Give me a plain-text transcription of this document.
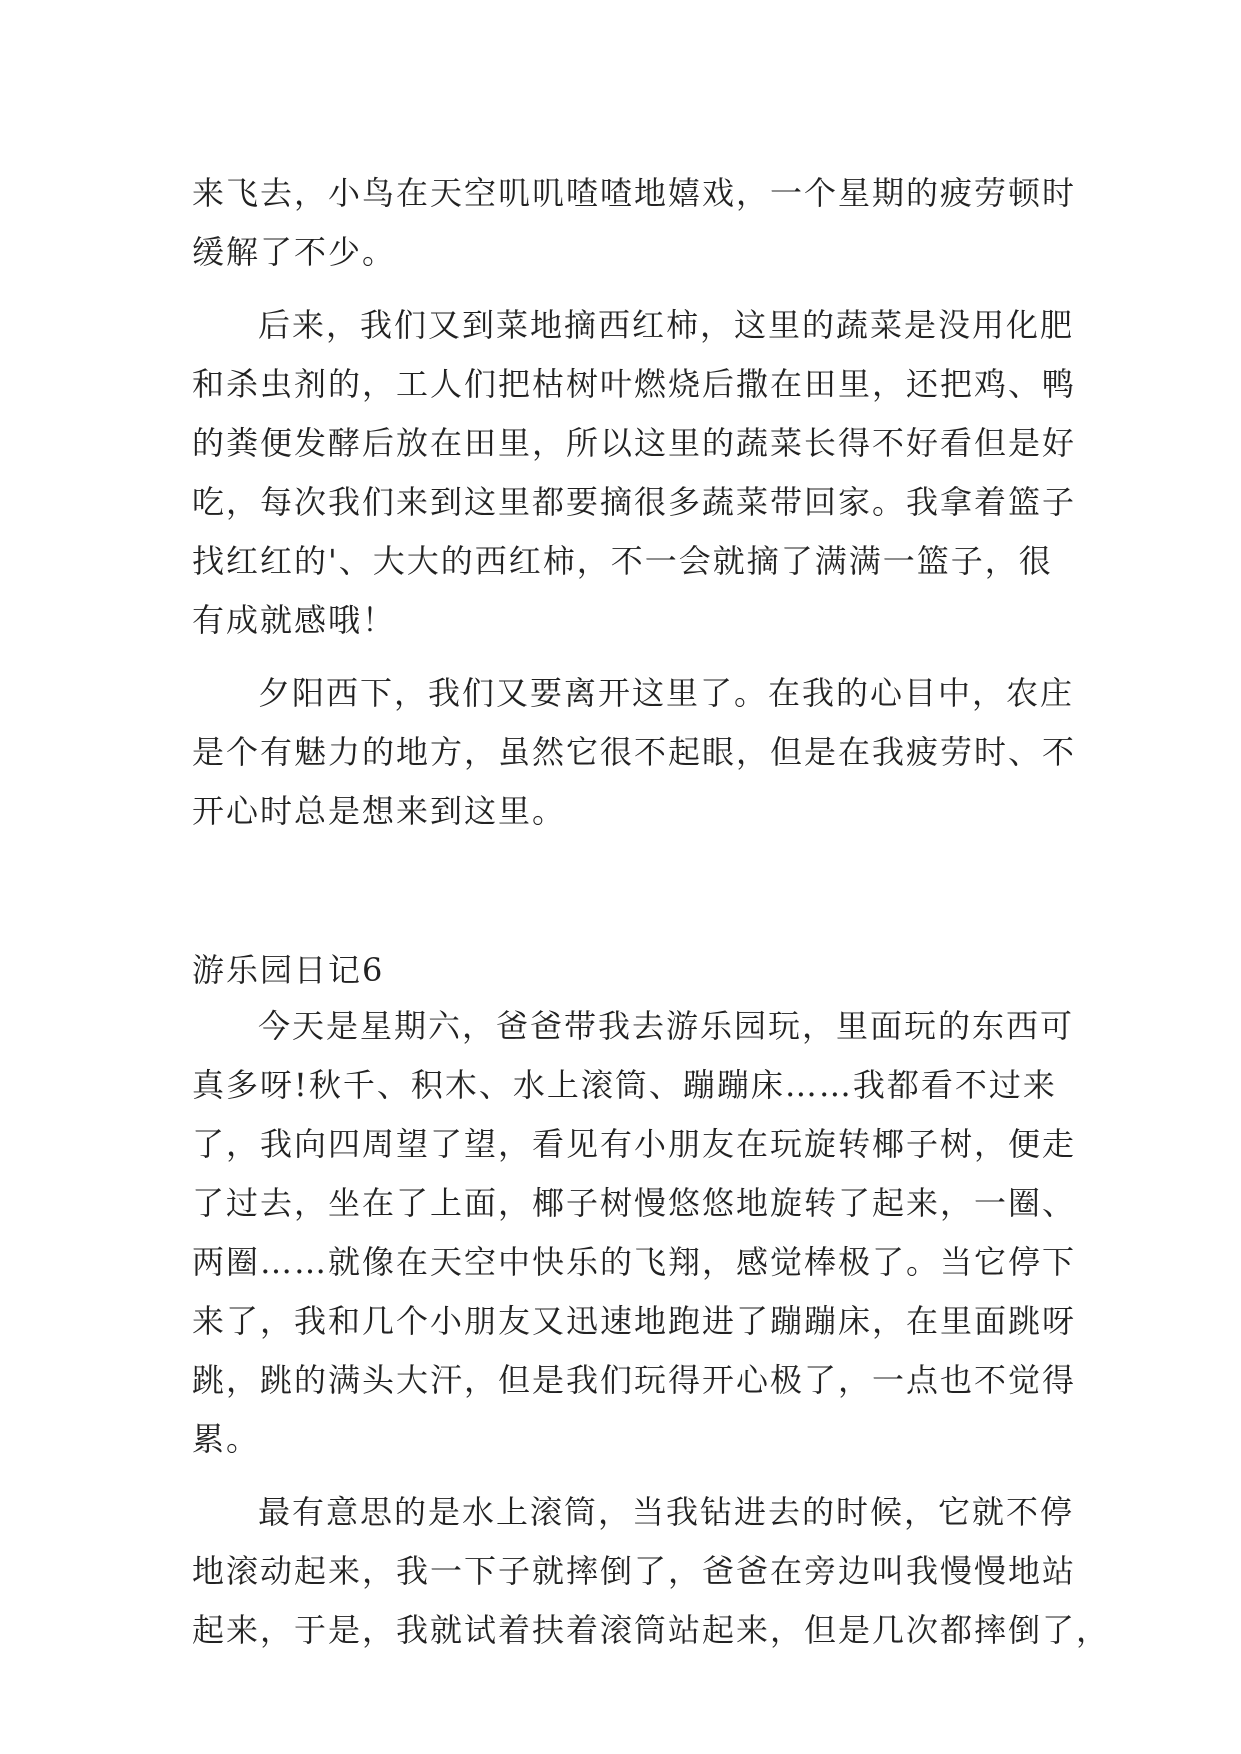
来飞去，小鸟在天空叽叽喳喳地嬉戏，一个星期的疲劳顿时
缓解了不少。
后来，我们又到菜地摘西红柿，这里的蔬菜是没用化肥
和杀虫剂的，工人们把枯树叶燃烧后撒在田里，还把鸡、鸭
的粪便发酵后放在田里，所以这里的蔬菜长得不好看但是好
吃，每次我们来到这里都要摘很多蔬菜带回家。我拿着篮子
找红红的'、大大的西红柿，不一会就摘了满满一篮子，很
有成就感哦！
夕阳西下，我们又要离开这里了。在我的心目中，农庄
是个有魅力的地方，虽然它很不起眼，但是在我疲劳时、不
开心时总是想来到这里。
游乐园日记6
今天是星期六，爸爸带我去游乐园玩，里面玩的东西可
真多呀!秋千、积木、水上滚筒、蹦蹦床……我都看不过来
了，我向四周望了望，看见有小朋友在玩旋转椰子树，便走
了过去，坐在了上面，椰子树慢悠悠地旋转了起来，一圈、
两圈……就像在天空中快乐的飞翔，感觉棒极了。当它停下
来了，我和几个小朋友又迅速地跑进了蹦蹦床，在里面跳呀
跳，跳的满头大汗，但是我们玩得开心极了，一点也不觉得
累。
最有意思的是水上滚筒，当我钻进去的时候，它就不停
地滚动起来，我一下子就摔倒了，爸爸在旁边叫我慢慢地站
起来，于是，我就试着扶着滚筒站起来，但是几次都摔倒了，
